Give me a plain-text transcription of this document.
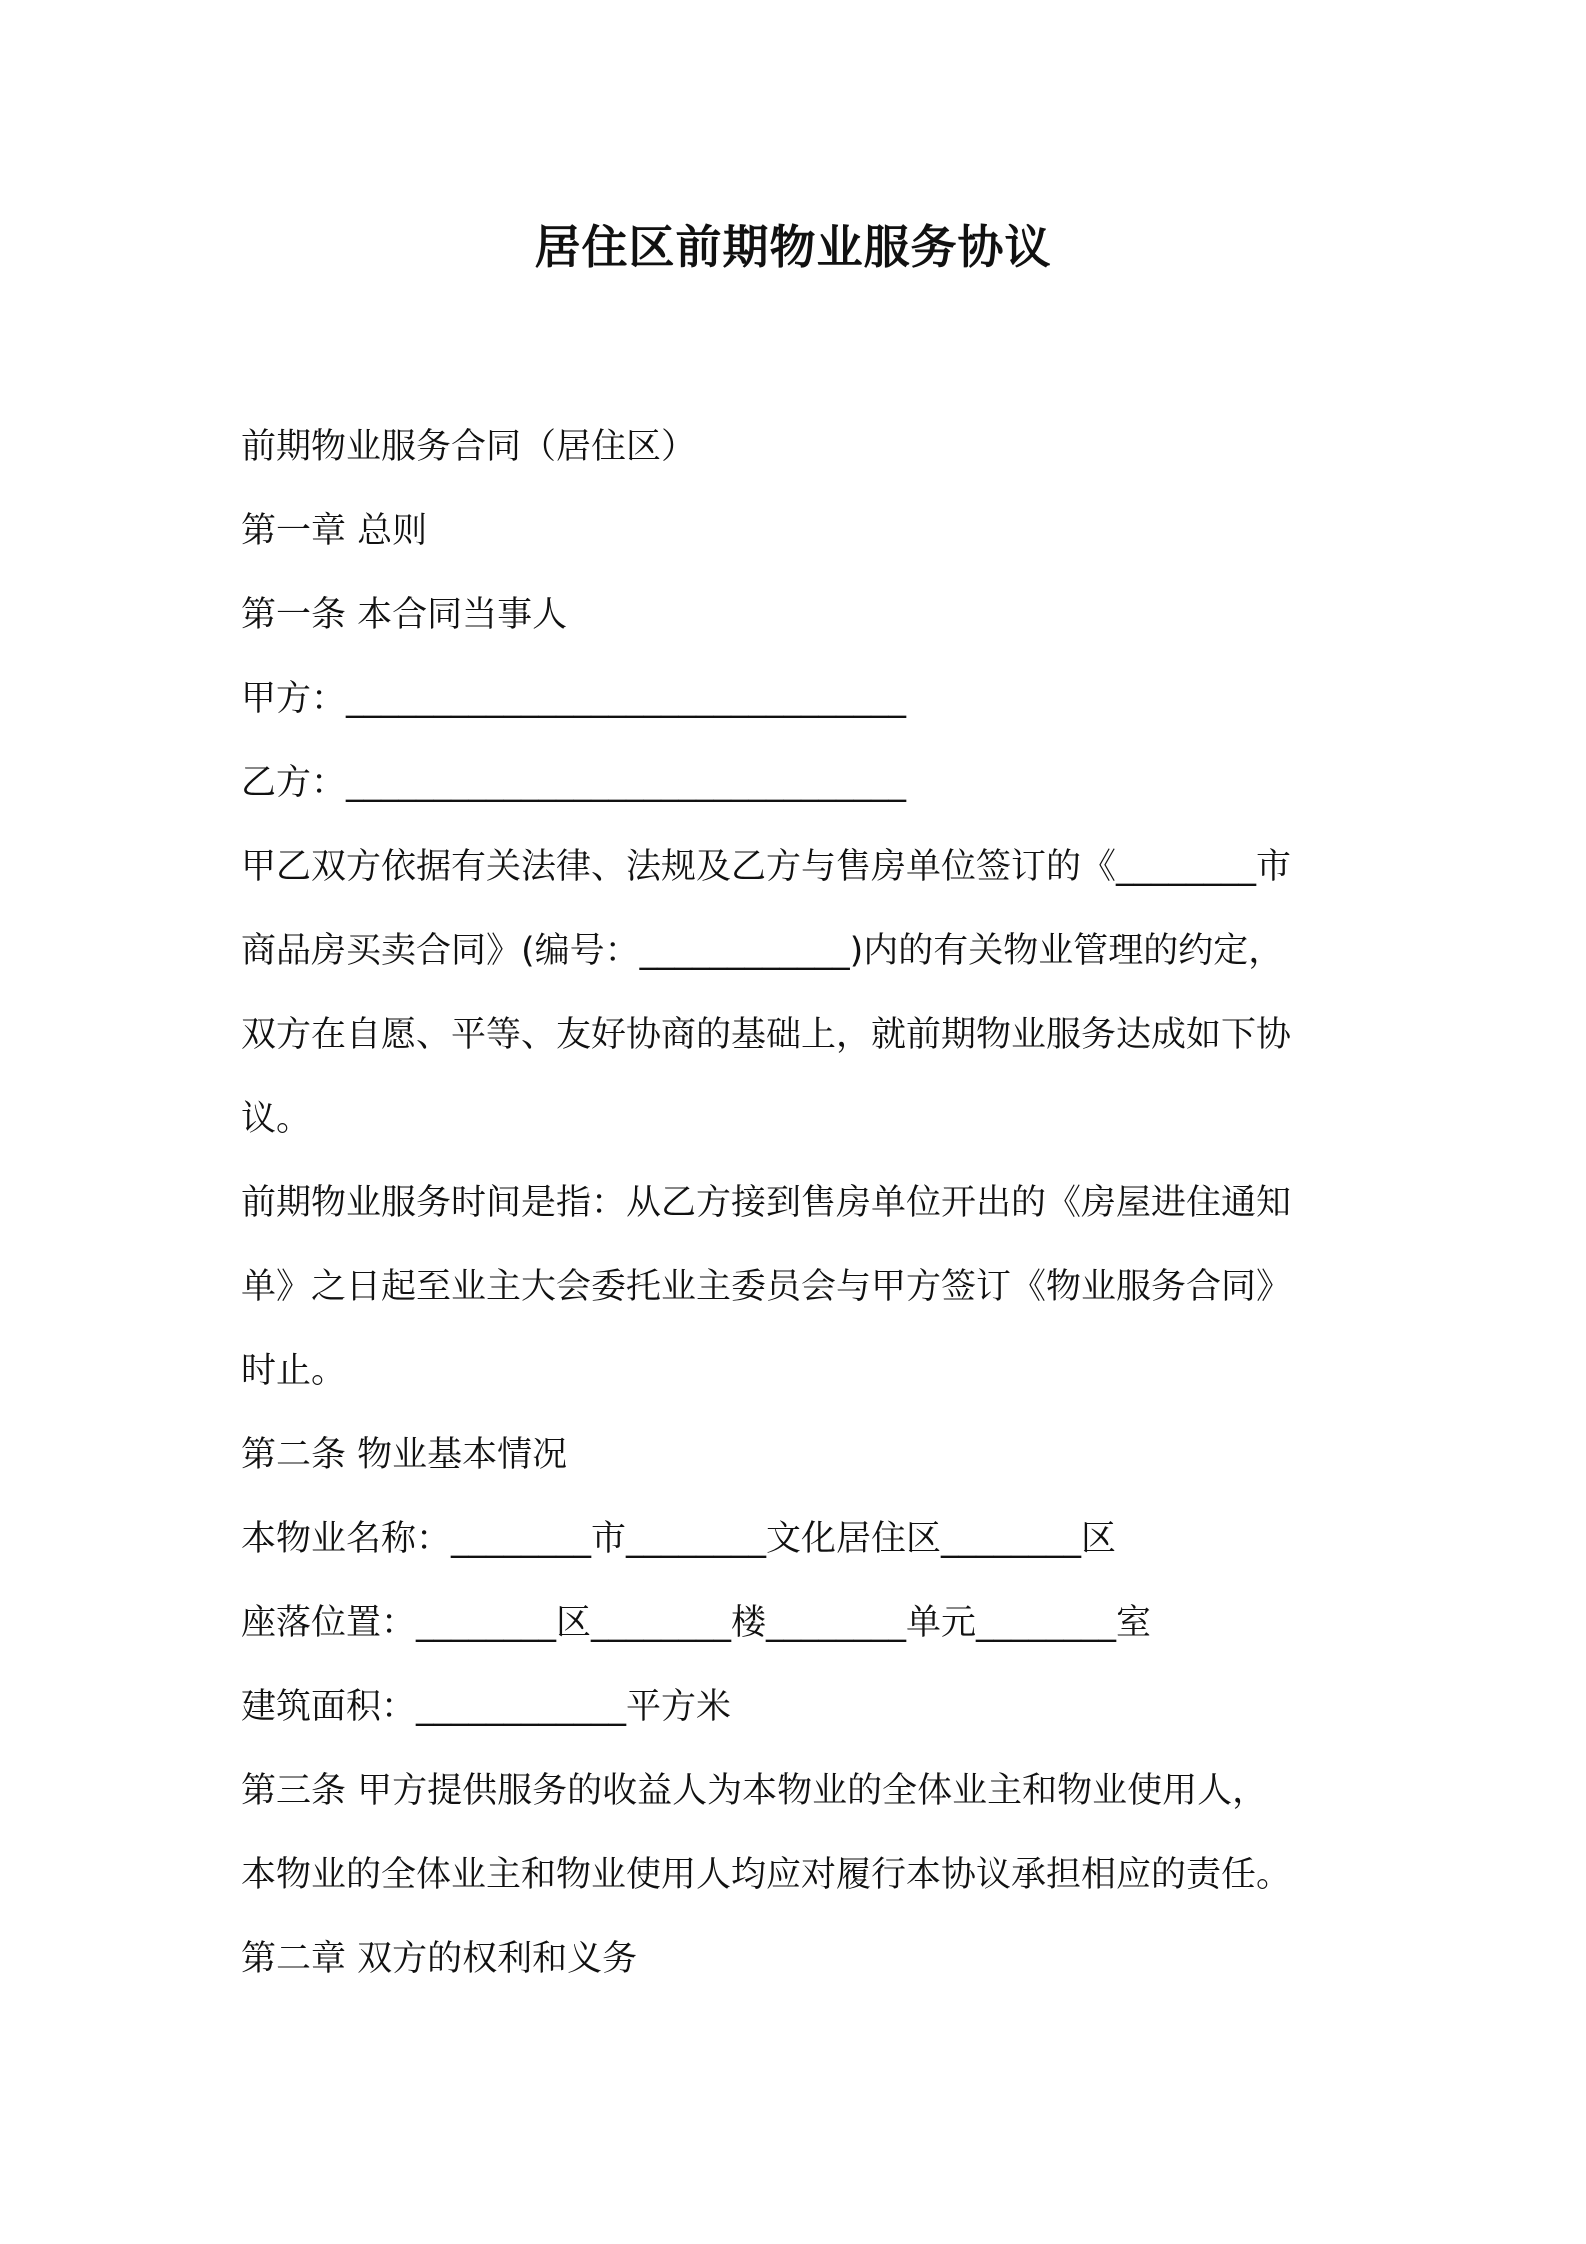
居住区前期物业服务协议
前期物业服务合同（居住区）
第一章 总则
第一条 本合同当事人
甲方：________________________________
乙方：________________________________
甲乙双方依据有关法律、法规及乙方与售房单位签订的《________市
商品房买卖合同》(编号：____________)内的有关物业管理的约定，
双方在自愿、平等、友好协商的基础上，就前期物业服务达成如下协
议。
前期物业服务时间是指：从乙方接到售房单位开出的《房屋进住通知
单》之日起至业主大会委托业主委员会与甲方签订《物业服务合同》
时止。
第二条 物业基本情况
本物业名称：________市________文化居住区________区
座落位置：________区________楼________单元________室
建筑面积：____________平方米
第三条 甲方提供服务的收益人为本物业的全体业主和物业使用人，
本物业的全体业主和物业使用人均应对履行本协议承担相应的责任。
第二章 双方的权利和义务
